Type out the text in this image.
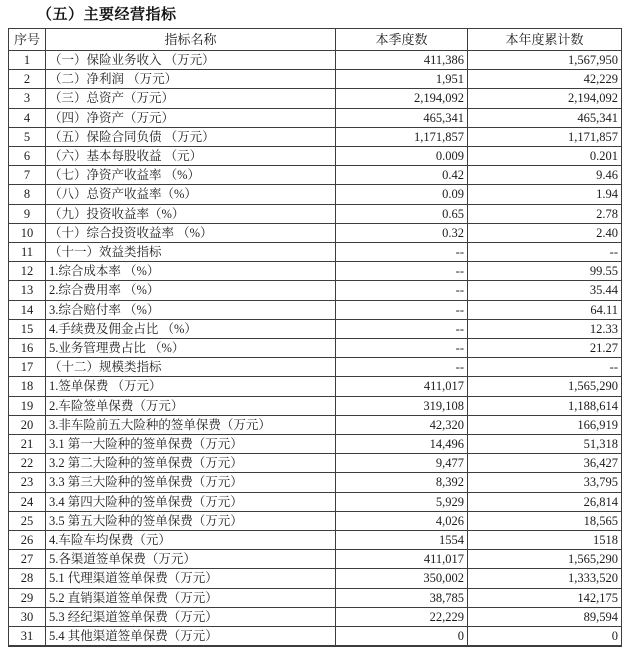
（五）主要经营指标
序号	指标名称	本季度数	本年度累计数
1	（一）保险业务收入 （万元）	411,386	1,567,950
2	（二）净利润 （万元）	1,951	42,229
3	（三）总资产（万元）	2,194,092	2,194,092
4	（四）净资产（万元）	465,341	465,341
5	（五）保险合同负债 （万元）	1,171,857	1,171,857
6	（六）基本每股收益 （元）	0.009	0.201
7	（七）净资产收益率 （%）	0.42	9.46
8	（八）总资产收益率（%）	0.09	1.94
9	（九）投资收益率（%）	0.65	2.78
10	（十）综合投资收益率 （%）	0.32	2.40
11	（十一）效益类指标	--	--
12	1.综合成本率 （%）	--	99.55
13	2.综合费用率 （%）	--	35.44
14	3.综合赔付率 （%）	--	64.11
15	4.手续费及佣金占比 （%）	--	12.33
16	5.业务管理费占比 （%）	--	21.27
17	（十二）规模类指标	--	--
18	1.签单保费 （万元）	411,017	1,565,290
19	2.车险签单保费（万元）	319,108	1,188,614
20	3.非车险前五大险种的签单保费（万元）	42,320	166,919
21	3.1 第一大险种的签单保费（万元）	14,496	51,318
22	3.2 第二大险种的签单保费（万元）	9,477	36,427
23	3.3 第三大险种的签单保费（万元）	8,392	33,795
24	3.4 第四大险种的签单保费（万元）	5,929	26,814
25	3.5 第五大险种的签单保费（万元）	4,026	18,565
26	4.车险车均保费（元）	1554	1518
27	5.各渠道签单保费（万元）	411,017	1,565,290
28	5.1 代理渠道签单保费（万元）	350,002	1,333,520
29	5.2 直销渠道签单保费（万元）	38,785	142,175
30	5.3 经纪渠道签单保费（万元）	22,229	89,594
31	5.4 其他渠道签单保费（万元）	0	0
